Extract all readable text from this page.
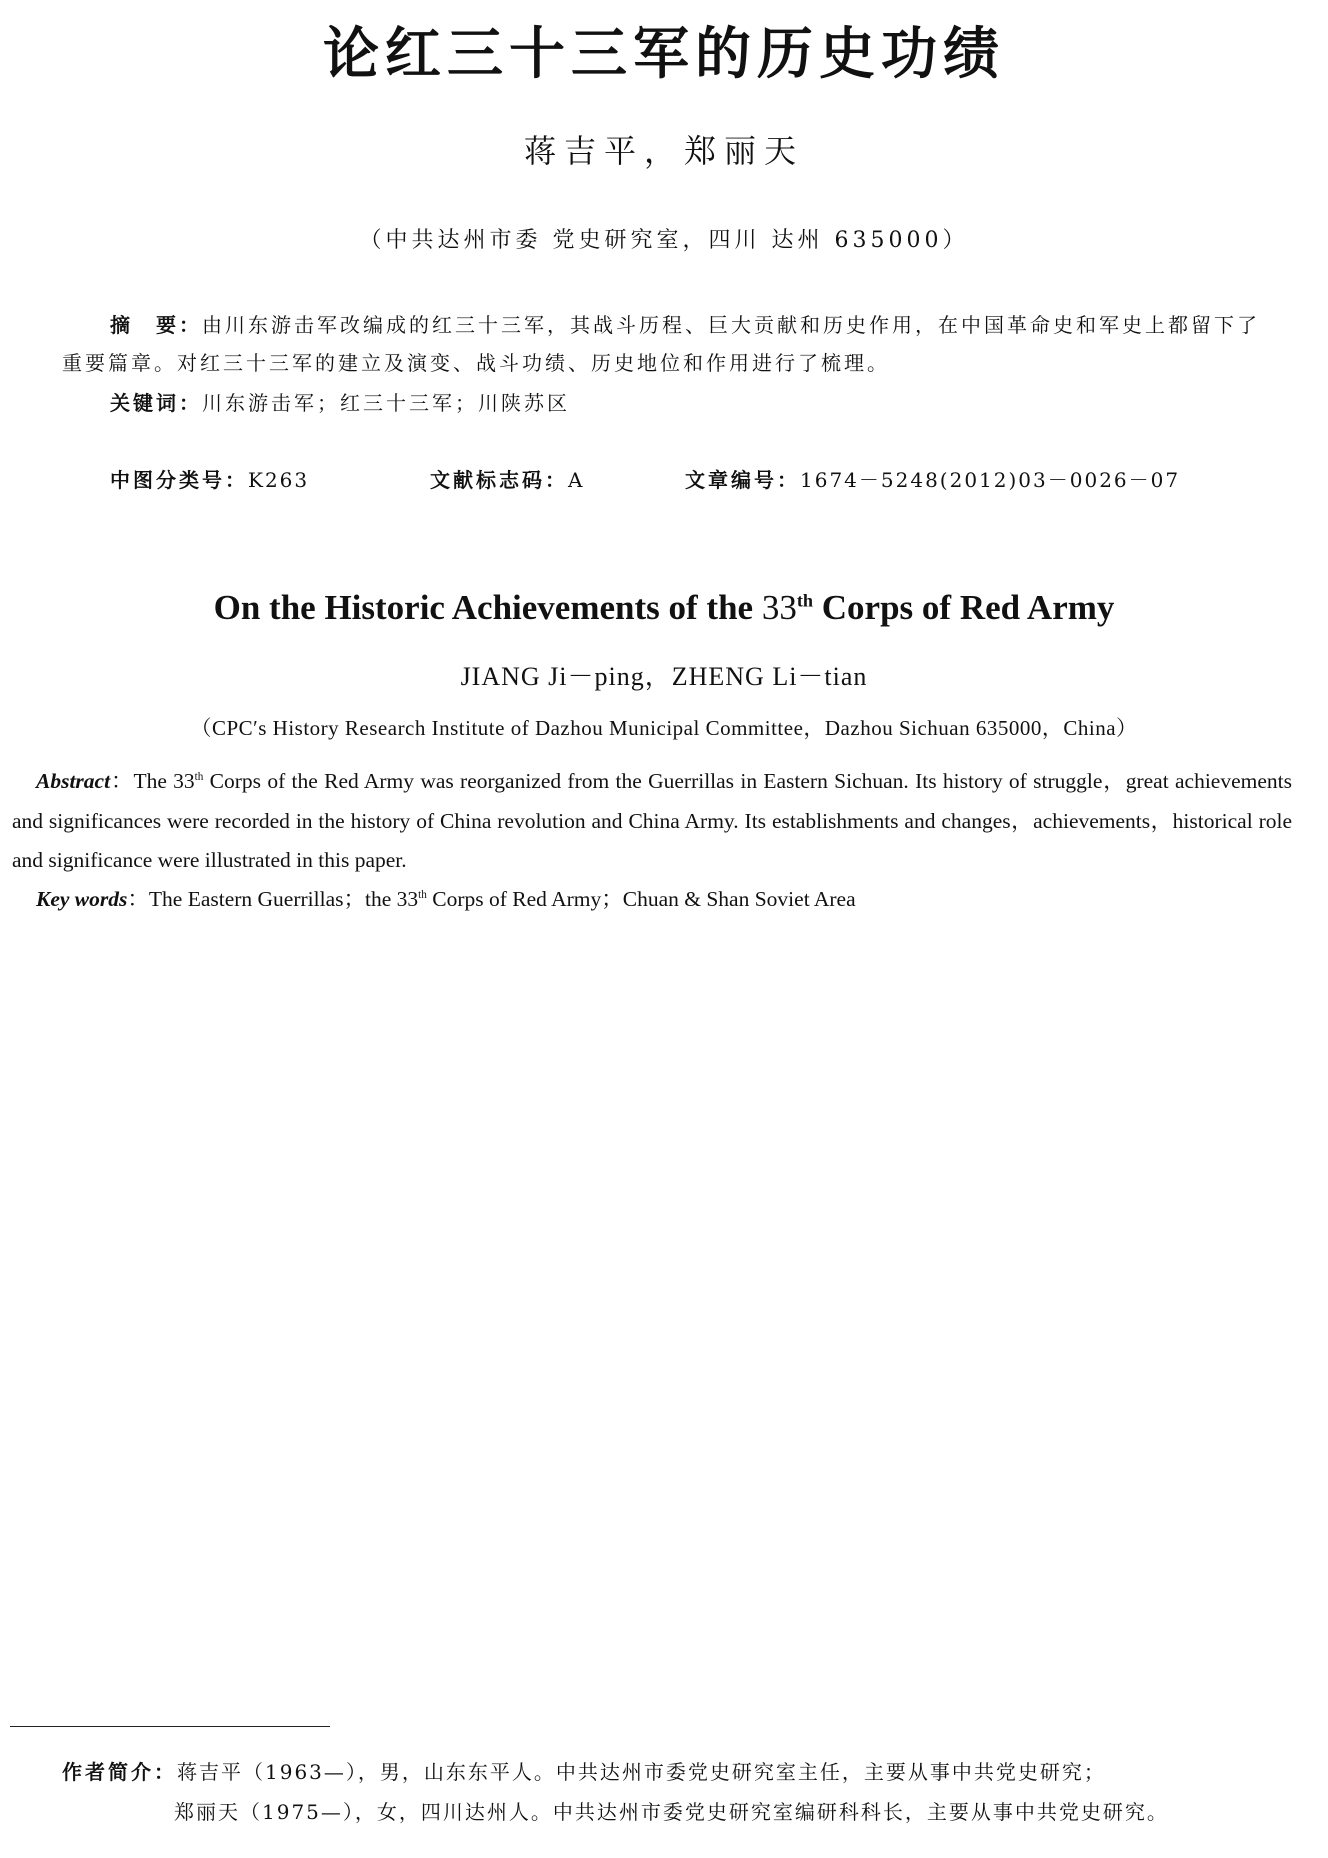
论红三十三军的历史功绩
蒋吉平，郑丽天
（中共达州市委 党史研究室，四川 达州 635000）
摘　要：由川东游击军改编成的红三十三军，其战斗历程、巨大贡献和历史作用，在中国革命史和军史上都留下了重要篇章。对红三十三军的建立及演变、战斗功绩、历史地位和作用进行了梳理。
关键词：川东游击军；红三十三军；川陕苏区
中图分类号：K263	文献标志码：A	文章编号：1674－5248(2012)03－0026－07
On the Historic Achievements of the 33th Corps of Red Army
JIANG Ji－ping，ZHENG Li－tian
（CPC′s History Research Institute of Dazhou Municipal Committee，Dazhou Sichuan 635000，China）
Abstract：The 33th Corps of the Red Army was reorganized from the Guerrillas in Eastern Sichuan. Its history of struggle，great achievements and significances were recorded in the history of China revolution and China Army. Its establishments and changes，achievements，historical role and significance were illustrated in this paper.
Key words：The Eastern Guerrillas；the 33th Corps of Red Army；Chuan & Shan Soviet Area
作者简介：蒋吉平（1963—），男，山东东平人。中共达州市委党史研究室主任，主要从事中共党史研究；
郑丽天（1975—），女，四川达州人。中共达州市委党史研究室编研科科长，主要从事中共党史研究。
